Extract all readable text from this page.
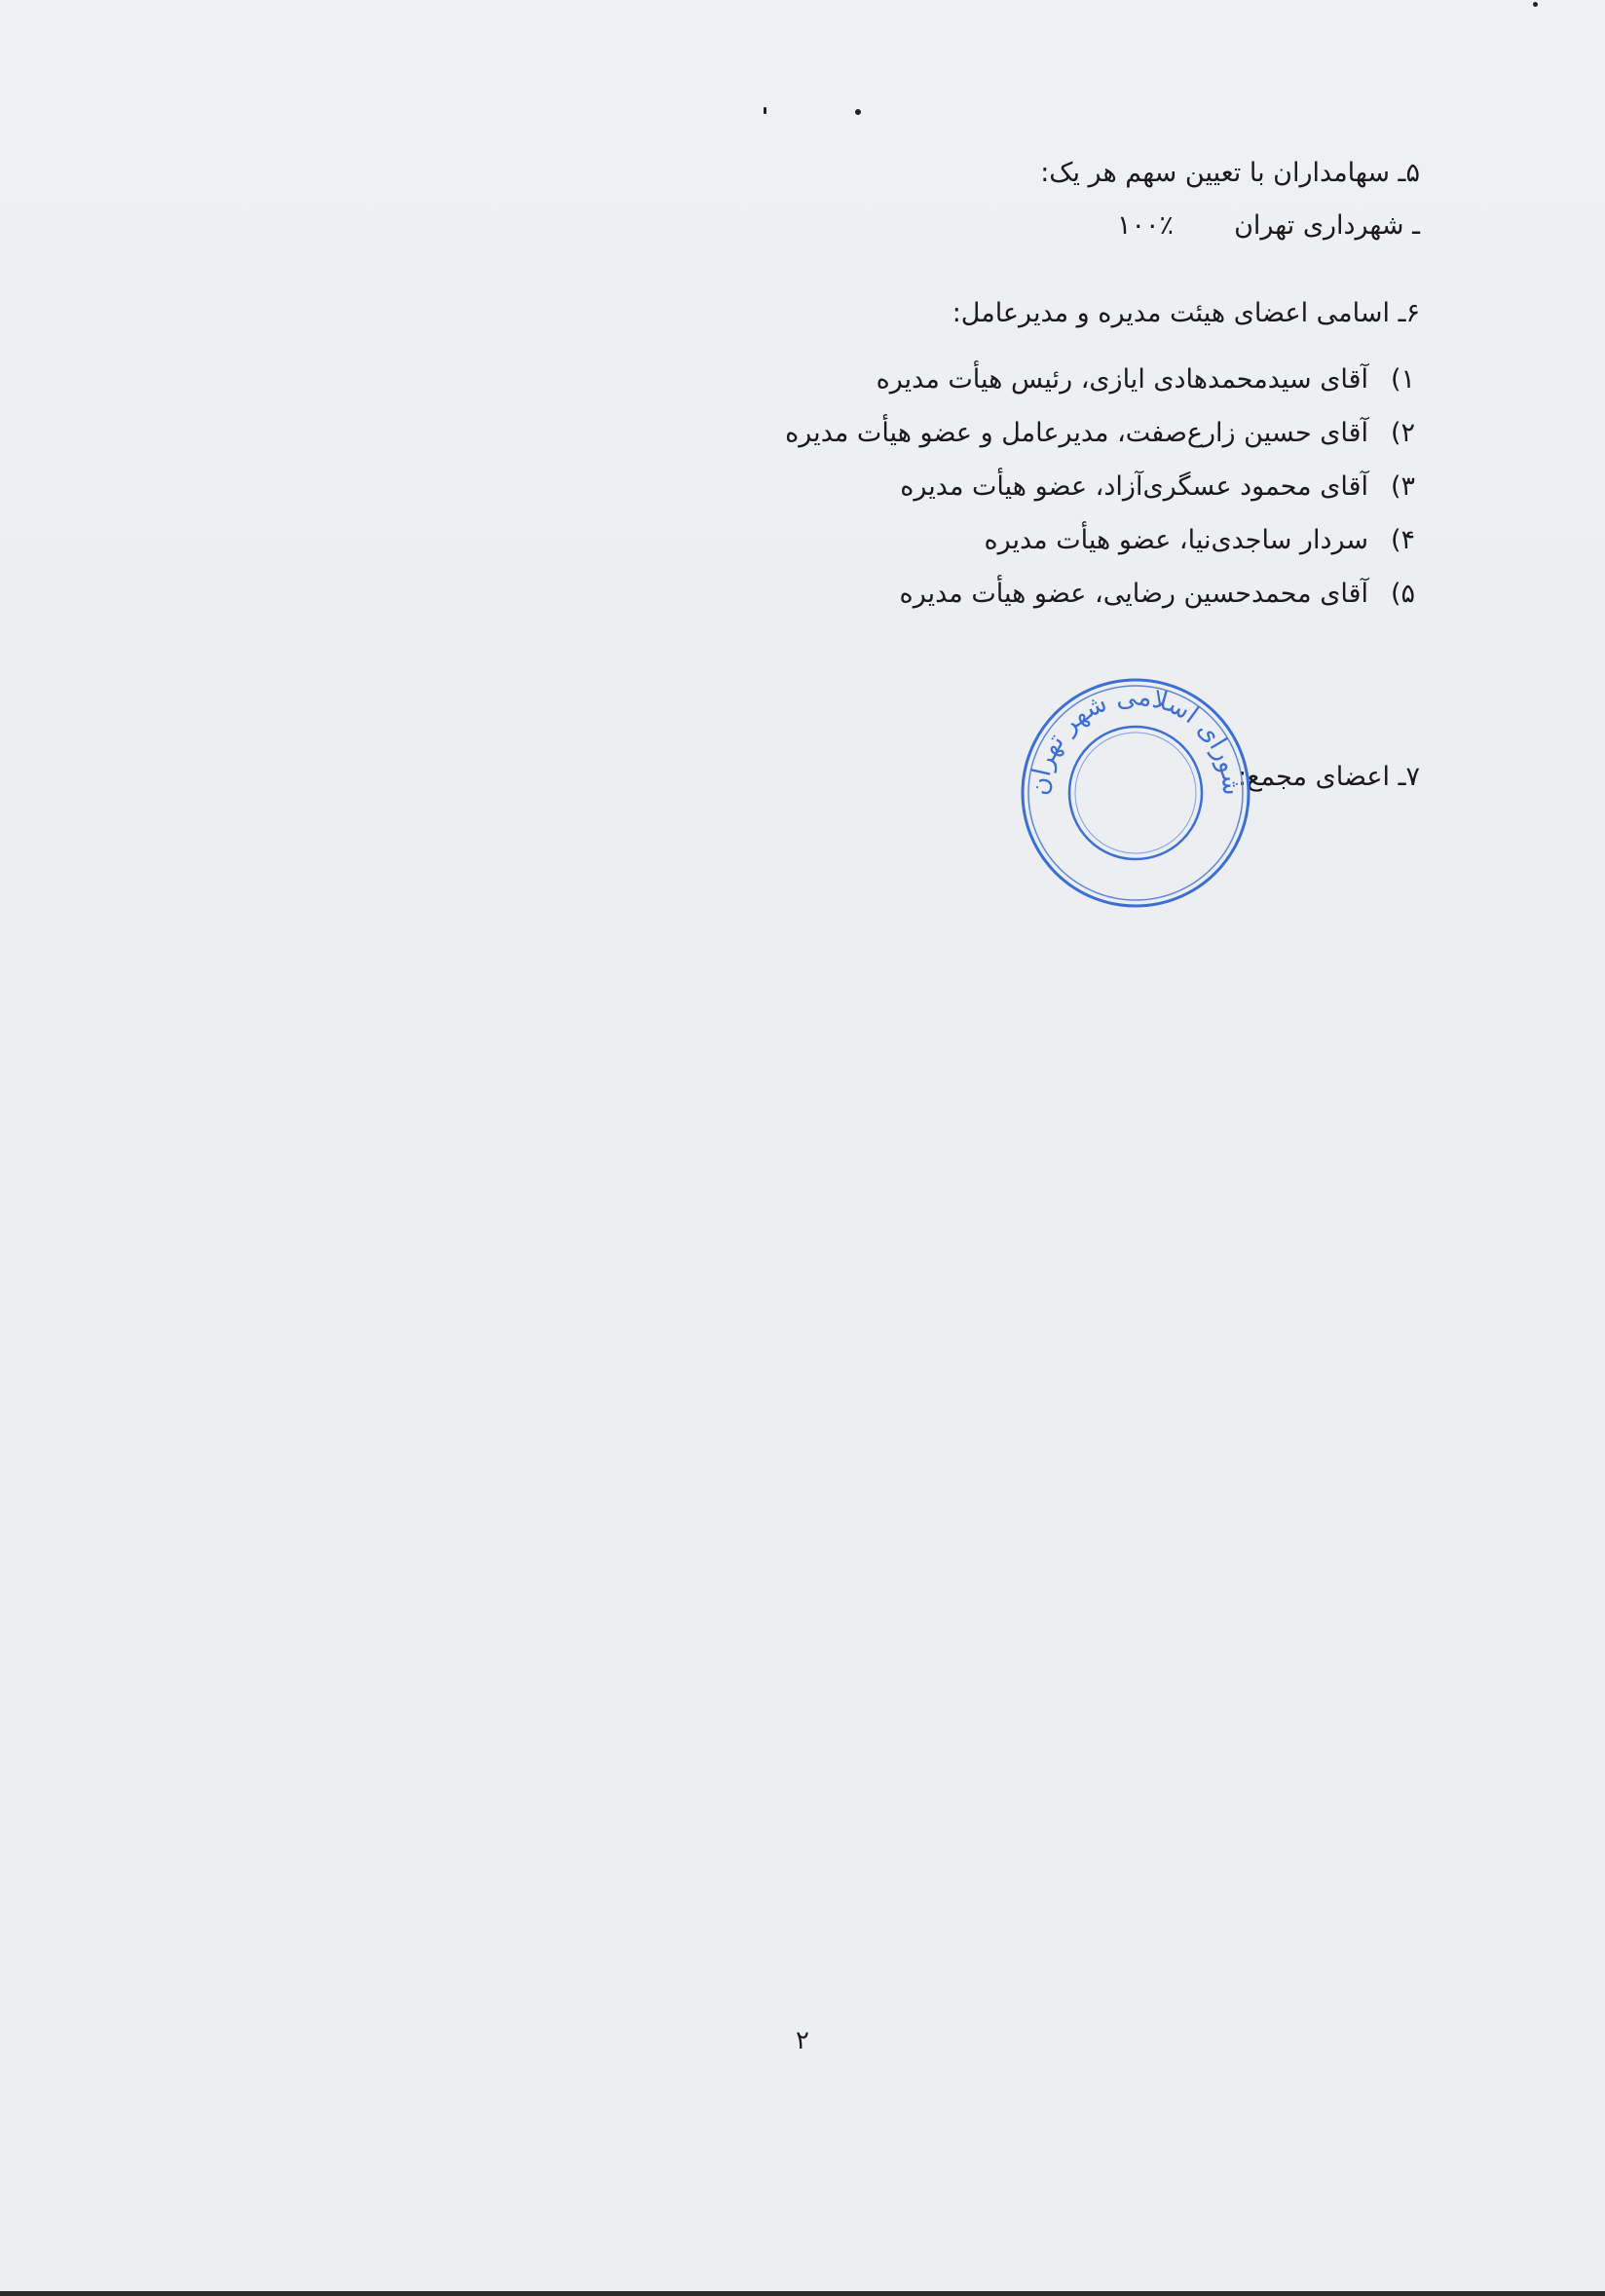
۵ـ سهامداران با تعیین سهم هر یک:
ـ شهرداری تهران
۱۰۰٪
۶ـ اسامی اعضای هیئت مدیره و مدیرعامل:
۱)
آقای سیدمحمدهادی ایازی، رئیس هیأت مدیره
۲)
آقای حسین زارع‌صفت، مدیرعامل و عضو هیأت مدیره
۳)
آقای محمود عسگری‌آزاد، عضو هیأت مدیره
۴)
سردار ساجدی‌نیا، عضو هیأت مدیره
۵)
آقای محمدحسین رضایی، عضو هیأت مدیره
۷ـ اعضای مجمع:
شورای اسلامی شهر تهران
۲
